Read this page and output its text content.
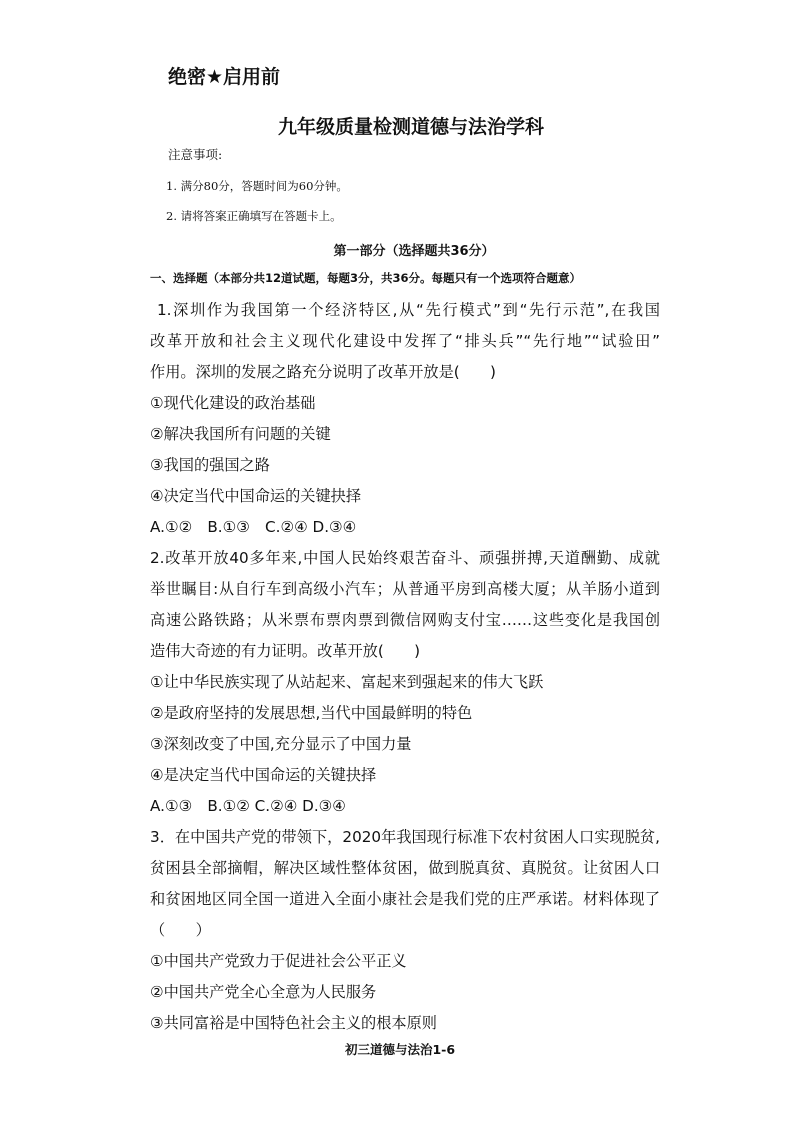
绝密★启用前
九年级质量检测道德与法治学科
注意事项:
1. 满分80分，答题时间为60分钟。
2. 请将答案正确填写在答题卡上。
第一部分（选择题共36分）
一、选择题（本部分共12道试题，每题3分，共36分。每题只有一个选项符合题意）
1.深圳作为我国第一个经济特区,从“先行模式”到“先行示范”,在我国
改革开放和社会主义现代化建设中发挥了“排头兵”“先行地”“试验田”
作用。深圳的发展之路充分说明了改革开放是(　　)
①现代化建设的政治基础
②解决我国所有问题的关键
③我国的强国之路
④决定当代中国命运的关键抉择
A.①②　B.①③　C.②④ D.③④
2.改革开放40多年来,中国人民始终艰苦奋斗、顽强拼搏,天道酬勤、成就
举世瞩目:从自行车到高级小汽车；从普通平房到高楼大厦；从羊肠小道到
高速公路铁路；从米票布票肉票到微信网购支付宝……这些变化是我国创
造伟大奇迹的有力证明。改革开放(　　)
①让中华民族实现了从站起来、富起来到强起来的伟大飞跃
②是政府坚持的发展思想,当代中国最鲜明的特色
③深刻改变了中国,充分显示了中国力量
④是决定当代中国命运的关键抉择
A.①③　B.①② C.②④ D.③④
3．在中国共产党的带领下，2020年我国现行标准下农村贫困人口实现脱贫,
贫困县全部摘帽，解决区域性整体贫困，做到脱真贫、真脱贫。让贫困人口
和贫困地区同全国一道进入全面小康社会是我们党的庄严承诺。材料体现了
（　　）
①中国共产党致力于促进社会公平正义
②中国共产党全心全意为人民服务
③共同富裕是中国特色社会主义的根本原则
初三道德与法治1-6
